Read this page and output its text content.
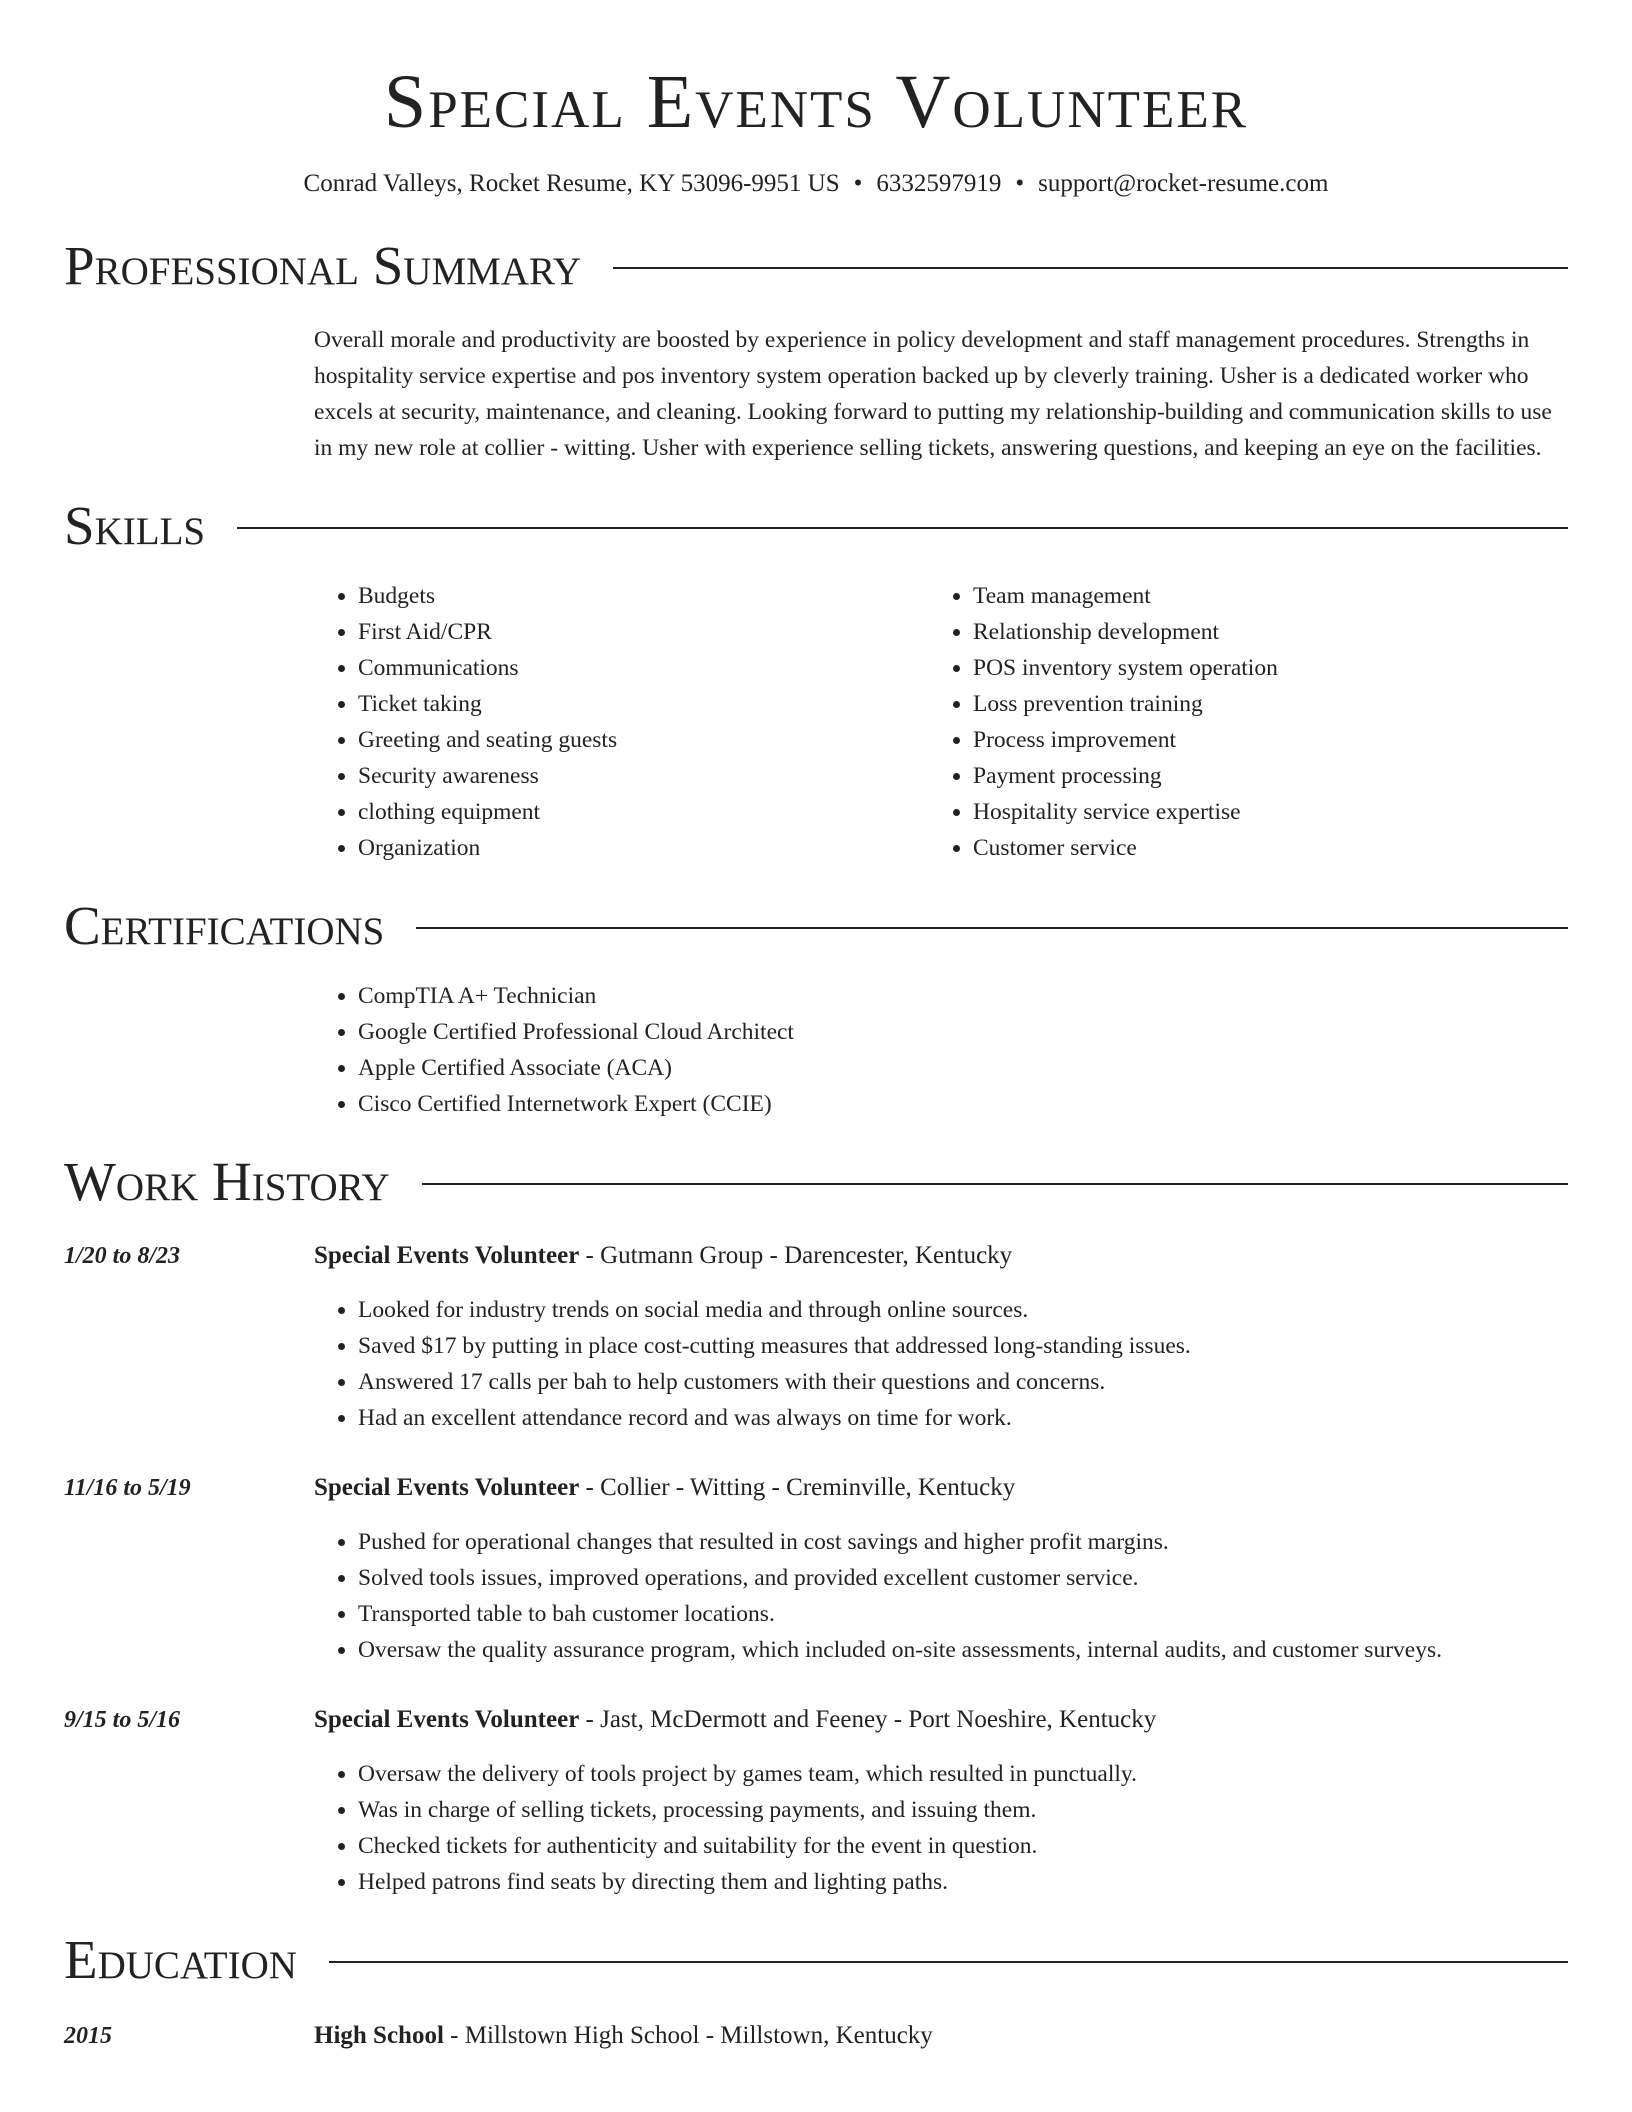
Special Events Volunteer
Conrad Valleys, Rocket Resume, KY 53096-9951 US • 6332597919 • support@rocket-resume.com
Professional Summary
Overall morale and productivity are boosted by experience in policy development and staff management procedures. Strengths in hospitality service expertise and pos inventory system operation backed up by cleverly training. Usher is a dedicated worker who excels at security, maintenance, and cleaning. Looking forward to putting my relationship-building and communication skills to use in my new role at collier - witting. Usher with experience selling tickets, answering questions, and keeping an eye on the facilities.
Skills
• Budgets
• First Aid/CPR
• Communications
• Ticket taking
• Greeting and seating guests
• Security awareness
• clothing equipment
• Organization
• Team management
• Relationship development
• POS inventory system operation
• Loss prevention training
• Process improvement
• Payment processing
• Hospitality service expertise
• Customer service
Certifications
• CompTIA A+ Technician
• Google Certified Professional Cloud Architect
• Apple Certified Associate (ACA)
• Cisco Certified Internetwork Expert (CCIE)
Work History
1/20 to 8/23	Special Events Volunteer - Gutmann Group - Darencester, Kentucky
• Looked for industry trends on social media and through online sources.
• Saved $17 by putting in place cost-cutting measures that addressed long-standing issues.
• Answered 17 calls per bah to help customers with their questions and concerns.
• Had an excellent attendance record and was always on time for work.
11/16 to 5/19	Special Events Volunteer - Collier - Witting - Creminville, Kentucky
• Pushed for operational changes that resulted in cost savings and higher profit margins.
• Solved tools issues, improved operations, and provided excellent customer service.
• Transported table to bah customer locations.
• Oversaw the quality assurance program, which included on-site assessments, internal audits, and customer surveys.
9/15 to 5/16	Special Events Volunteer - Jast, McDermott and Feeney - Port Noeshire, Kentucky
• Oversaw the delivery of tools project by games team, which resulted in punctually.
• Was in charge of selling tickets, processing payments, and issuing them.
• Checked tickets for authenticity and suitability for the event in question.
• Helped patrons find seats by directing them and lighting paths.
Education
2015	High School - Millstown High School - Millstown, Kentucky
